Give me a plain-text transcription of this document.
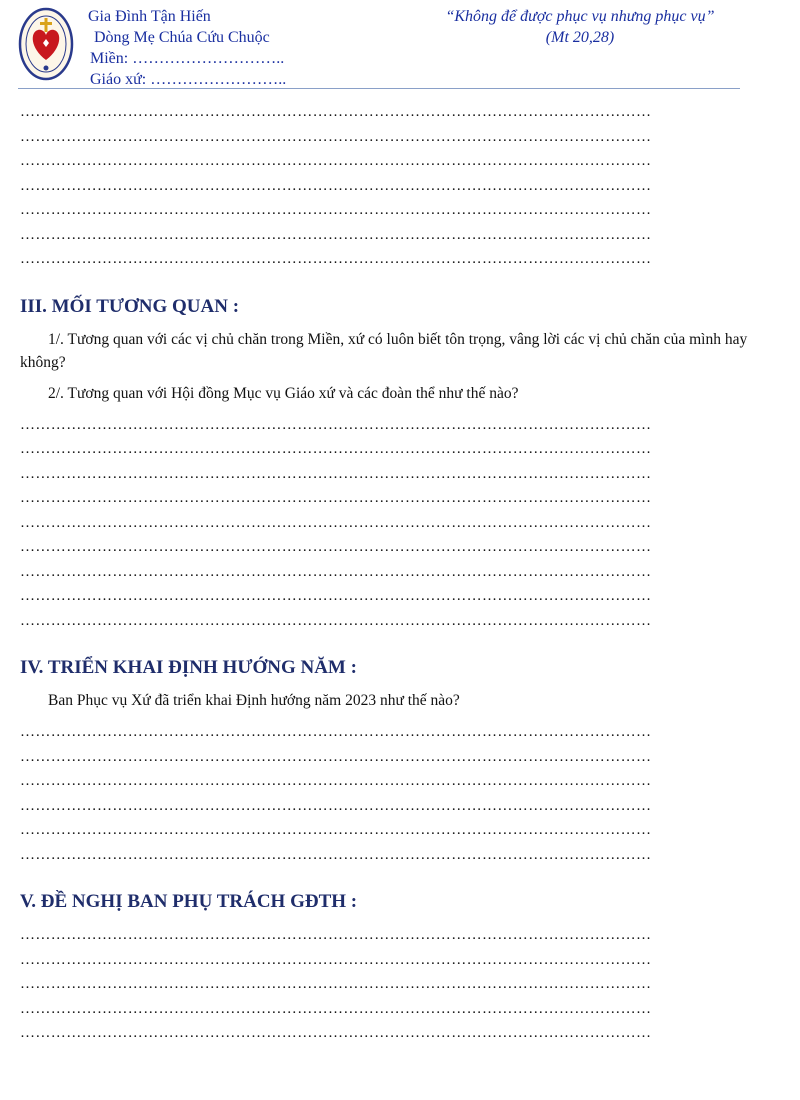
Gia Đình Tận Hiến
Dòng Mẹ Chúa Cứu Chuộc
Miền: ………………………..
Giáo xứ: ……………………..
“Không để được phục vụ nhưng phục vụ”
(Mt 20,28)
……………………………………………………………………………………………………………
……………………………………………………………………………………………………………
……………………………………………………………………………………………………………
……………………………………………………………………………………………………………
……………………………………………………………………………………………………………
……………………………………………………………………………………………………………
……………………………………………………………………………………………………………
III. MỐI TƯƠNG QUAN :
1/. Tương quan với các vị chủ chăn trong Miền, xứ có luôn biết tôn trọng, vâng lời các vị chủ chăn của mình hay không?
2/. Tương quan với Hội đồng Mục vụ Giáo xứ và các đoàn thể như thế nào?
……………………………………………………………………………………………………………
……………………………………………………………………………………………………………
……………………………………………………………………………………………………………
……………………………………………………………………………………………………………
……………………………………………………………………………………………………………
……………………………………………………………………………………………………………
……………………………………………………………………………………………………………
……………………………………………………………………………………………………………
……………………………………………………………………………………………………………
IV. TRIỂN KHAI ĐỊNH HƯỚNG NĂM :
Ban Phục vụ Xứ đã triển khai Định hướng năm 2023 như thế nào?
……………………………………………………………………………………………………………
……………………………………………………………………………………………………………
……………………………………………………………………………………………………………
……………………………………………………………………………………………………………
……………………………………………………………………………………………………………
……………………………………………………………………………………………………………
V. ĐỀ NGHỊ BAN PHỤ TRÁCH GĐTH :
……………………………………………………………………………………………………………
……………………………………………………………………………………………………………
……………………………………………………………………………………………………………
……………………………………………………………………………………………………………
……………………………………………………………………………………………………………
